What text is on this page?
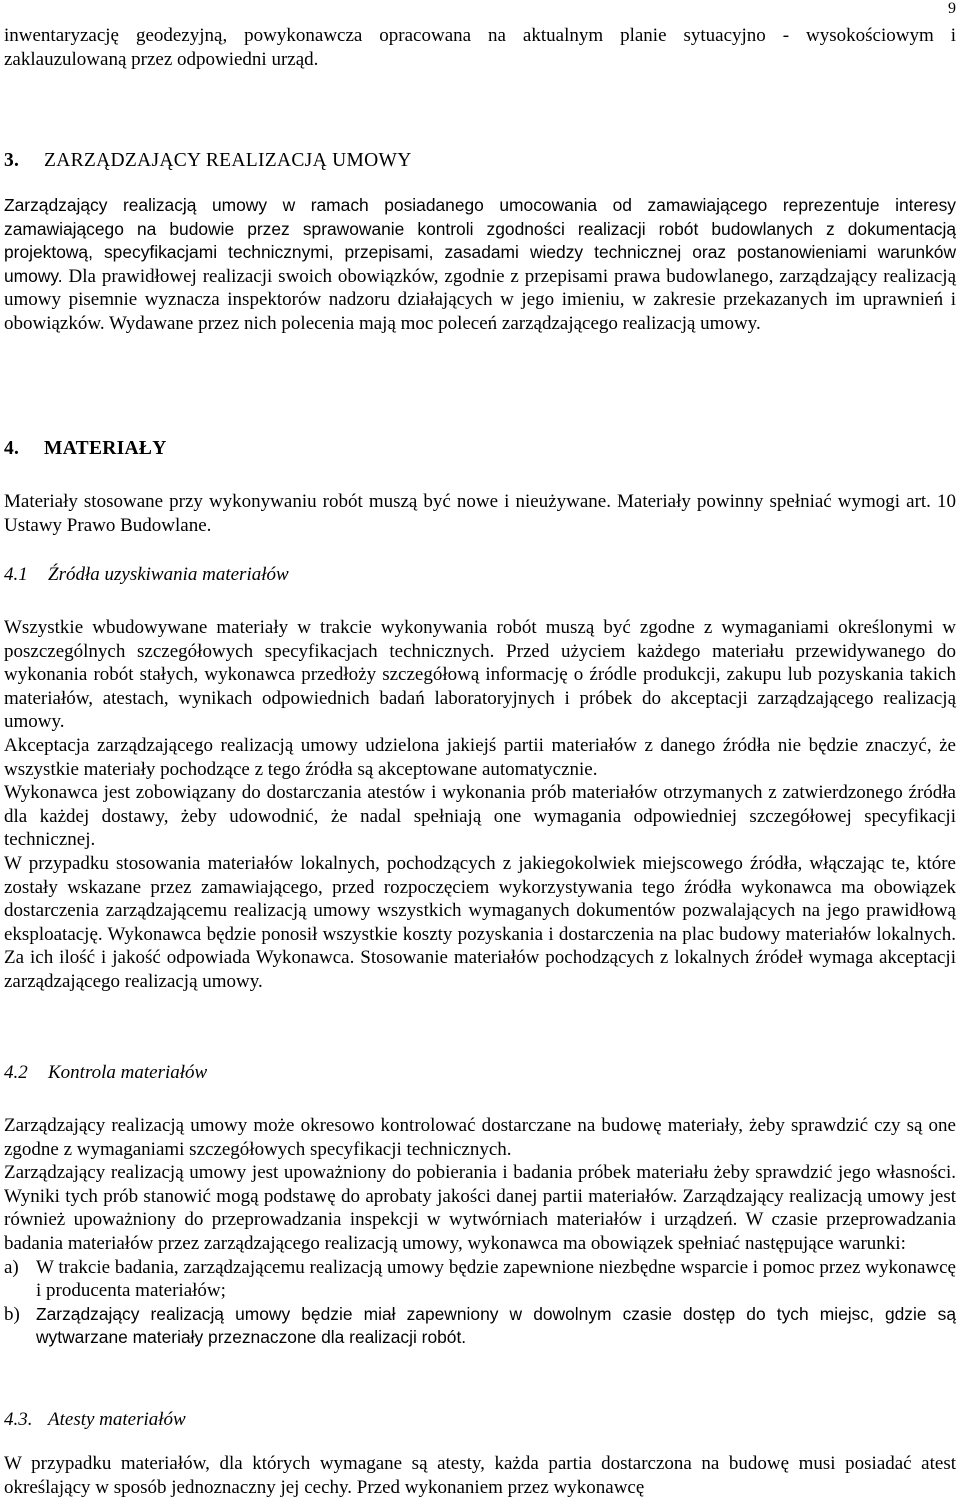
9

inwentaryzację geodezyjną, powykonawcza opracowana na aktualnym planie sytuacyjno - wysokościowym i zaklauzulowaną przez odpowiedni urząd.

3. ZARZĄDZAJĄCY REALIZACJĄ UMOWY
Zarządzający realizacją umowy w ramach posiadanego umocowania od zamawiającego reprezentuje interesy zamawiającego na budowie przez sprawowanie kontroli zgodności realizacji robót budowlanych z dokumentacją projektową, specyfikacjami technicznymi, przepisami, zasadami wiedzy technicznej oraz postanowieniami warunków umowy. Dla prawidłowej realizacji swoich obowiązków, zgodnie z przepisami prawa budowlanego, zarządzający realizacją umowy pisemnie wyznacza inspektorów nadzoru działających w jego imieniu, w zakresie przekazanych im uprawnień i obowiązków. Wydawane przez nich polecenia mają moc poleceń zarządzającego realizacją umowy.
4. MATERIAŁY

Materiały stosowane przy wykonywaniu robót muszą być nowe i nieużywane. Materiały powinny spełniać wymogi art. 10 Ustawy Prawo Budowlane.

4.1 Źródła uzyskiwania materiałów

Wszystkie wbudowywane materiały w trakcie wykonywania robót muszą być zgodne z wymaganiami określonymi w poszczególnych szczegółowych specyfikacjach technicznych. Przed użyciem każdego materiału przewidywanego do wykonania robót stałych, wykonawca przedłoży szczegółową informację o źródle produkcji, zakupu lub pozyskania takich materiałów, atestach, wynikach odpowiednich badań laboratoryjnych i próbek do akceptacji zarządzającego realizacją umowy.

Akceptacja zarządzającego realizacją umowy udzielona jakiejś partii materiałów z danego źródła nie będzie znaczyć, że wszystkie materiały pochodzące z tego źródła są akceptowane automatycznie.

Wykonawca jest zobowiązany do dostarczania atestów i wykonania prób materiałów otrzymanych z zatwierdzonego źródła dla każdej dostawy, żeby udowodnić, że nadal spełniają one wymagania odpowiedniej szczegółowej specyfikacji technicznej.

W przypadku stosowania materiałów lokalnych, pochodzących z jakiegokolwiek miejscowego źródła, włączając te, które zostały wskazane przez zamawiającego, przed rozpoczęciem wykorzystywania tego źródła wykonawca ma obowiązek dostarczenia zarządzającemu realizacją umowy wszystkich wymaganych dokumentów pozwalających na jego prawidłową eksploatację. Wykonawca będzie ponosił wszystkie koszty pozyskania i dostarczenia na plac budowy materiałów lokalnych. Za ich ilość i jakość odpowiada Wykonawca. Stosowanie materiałów pochodzących z lokalnych źródeł wymaga akceptacji zarządzającego realizacją umowy.

4.2 Kontrola materiałów

Zarządzający realizacją umowy może okresowo kontrolować dostarczane na budowę materiały, żeby sprawdzić czy są one zgodne z wymaganiami szczegółowych specyfikacji technicznych.

Zarządzający realizacją umowy jest upoważniony do pobierania i badania próbek materiału żeby sprawdzić jego własności. Wyniki tych prób stanowić mogą podstawę do aprobaty jakości danej partii materiałów. Zarządzający realizacją umowy jest również upoważniony do przeprowadzania inspekcji w wytwórniach materiałów i urządzeń. W czasie przeprowadzania badania materiałów przez zarządzającego realizacją umowy, wykonawca ma obowiązek spełniać następujące warunki:

a) W trakcie badania, zarządzającemu realizacją umowy będzie zapewnione niezbędne wsparcie i pomoc przez wykonawcę i producenta materiałów;
b) Zarządzający realizacją umowy będzie miał zapewniony w dowolnym czasie dostęp do tych miejsc, gdzie są wytwarzane materiały przeznaczone dla realizacji robót.
4.3. Atesty materiałów

W przypadku materiałów, dla których wymagane są atesty, każda partia dostarczona na budowę musi posiadać atest określający w sposób jednoznaczny jej cechy. Przed wykonaniem przez wykonawcę
